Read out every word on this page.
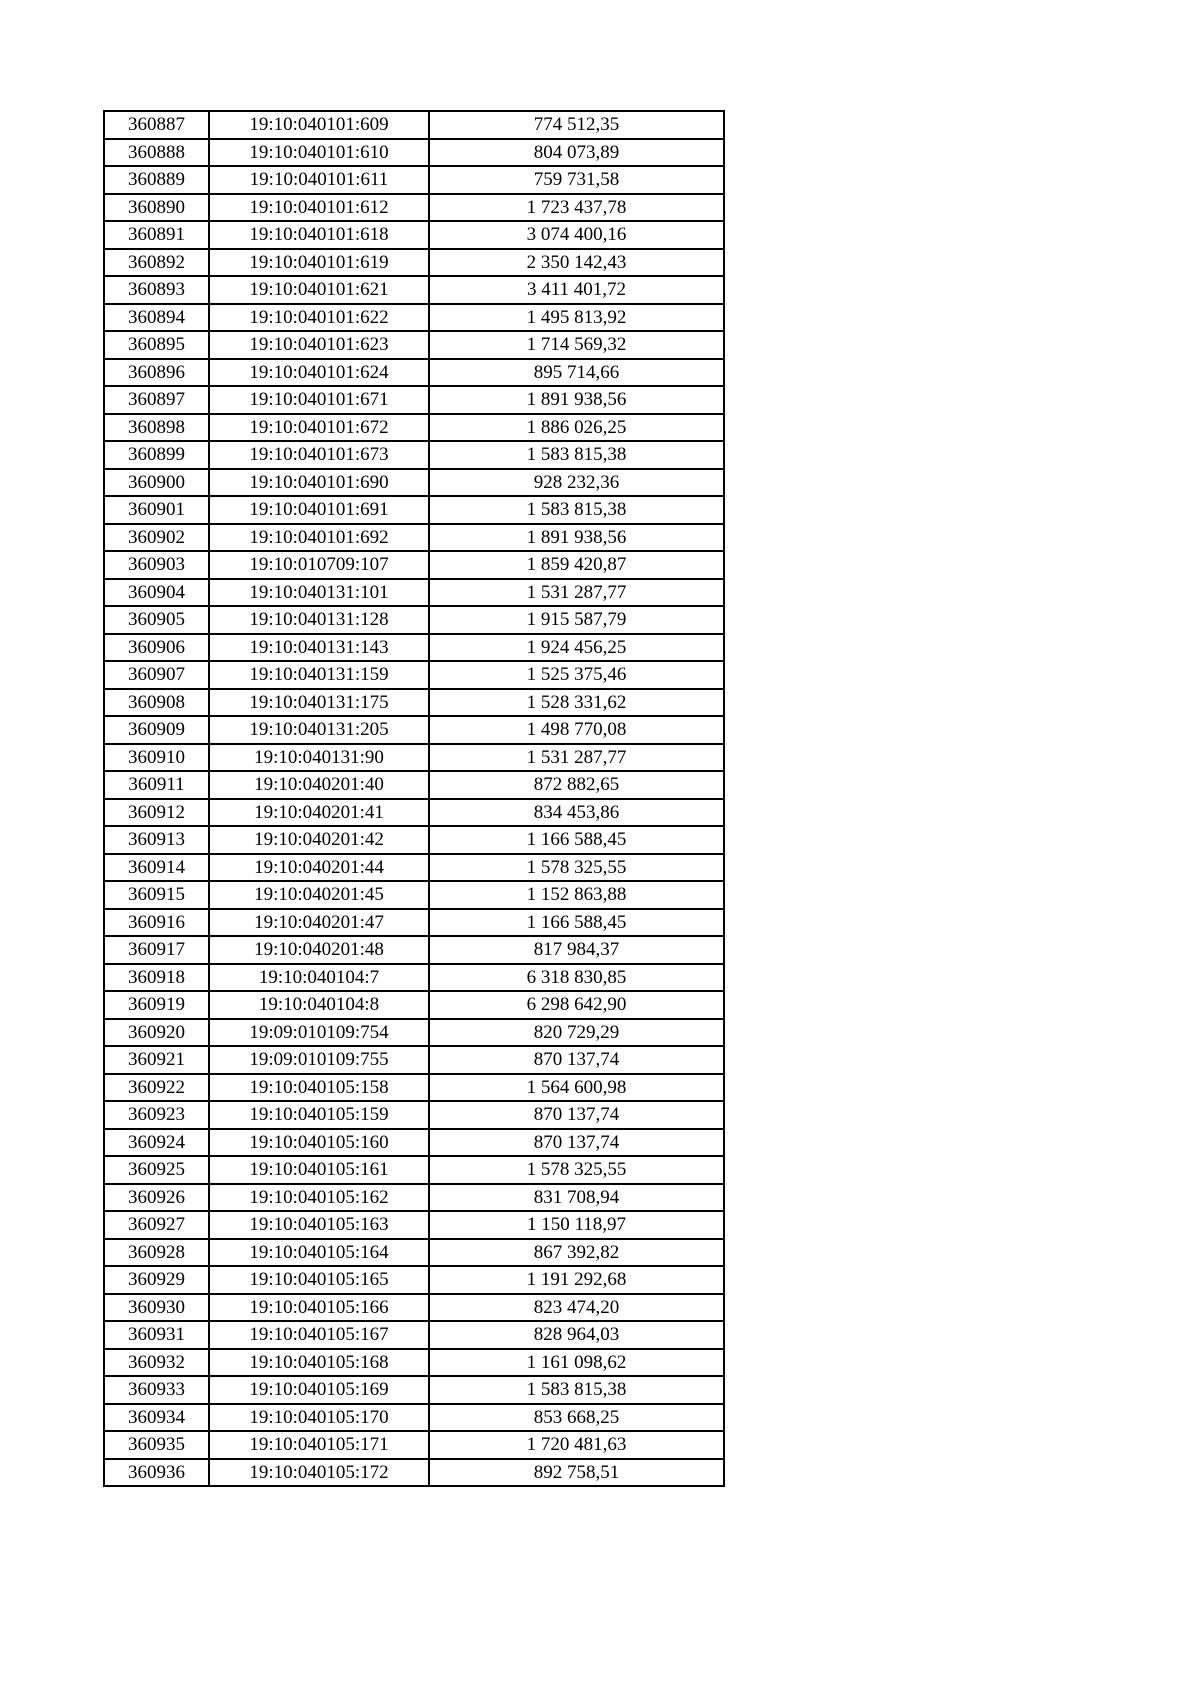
360887	19:10:040101:609	774 512,35
360888	19:10:040101:610	804 073,89
360889	19:10:040101:611	759 731,58
360890	19:10:040101:612	1 723 437,78
360891	19:10:040101:618	3 074 400,16
360892	19:10:040101:619	2 350 142,43
360893	19:10:040101:621	3 411 401,72
360894	19:10:040101:622	1 495 813,92
360895	19:10:040101:623	1 714 569,32
360896	19:10:040101:624	895 714,66
360897	19:10:040101:671	1 891 938,56
360898	19:10:040101:672	1 886 026,25
360899	19:10:040101:673	1 583 815,38
360900	19:10:040101:690	928 232,36
360901	19:10:040101:691	1 583 815,38
360902	19:10:040101:692	1 891 938,56
360903	19:10:010709:107	1 859 420,87
360904	19:10:040131:101	1 531 287,77
360905	19:10:040131:128	1 915 587,79
360906	19:10:040131:143	1 924 456,25
360907	19:10:040131:159	1 525 375,46
360908	19:10:040131:175	1 528 331,62
360909	19:10:040131:205	1 498 770,08
360910	19:10:040131:90	1 531 287,77
360911	19:10:040201:40	872 882,65
360912	19:10:040201:41	834 453,86
360913	19:10:040201:42	1 166 588,45
360914	19:10:040201:44	1 578 325,55
360915	19:10:040201:45	1 152 863,88
360916	19:10:040201:47	1 166 588,45
360917	19:10:040201:48	817 984,37
360918	19:10:040104:7	6 318 830,85
360919	19:10:040104:8	6 298 642,90
360920	19:09:010109:754	820 729,29
360921	19:09:010109:755	870 137,74
360922	19:10:040105:158	1 564 600,98
360923	19:10:040105:159	870 137,74
360924	19:10:040105:160	870 137,74
360925	19:10:040105:161	1 578 325,55
360926	19:10:040105:162	831 708,94
360927	19:10:040105:163	1 150 118,97
360928	19:10:040105:164	867 392,82
360929	19:10:040105:165	1 191 292,68
360930	19:10:040105:166	823 474,20
360931	19:10:040105:167	828 964,03
360932	19:10:040105:168	1 161 098,62
360933	19:10:040105:169	1 583 815,38
360934	19:10:040105:170	853 668,25
360935	19:10:040105:171	1 720 481,63
360936	19:10:040105:172	892 758,51
